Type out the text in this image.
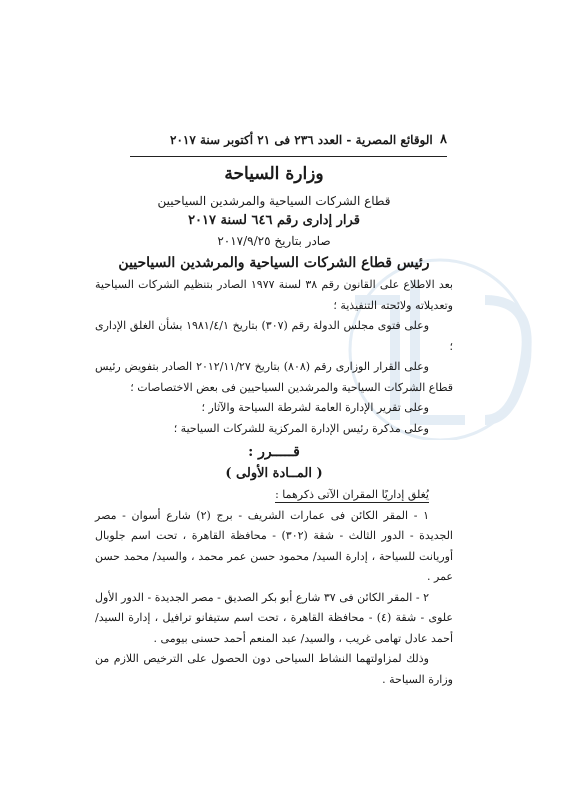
٨
الوقائع المصرية - العدد ٢٣٦ فى ٢١ أكتوبر سنة ٢٠١٧
وزارة السياحة
قطاع الشركات السياحية والمرشدين السياحيين
قرار إدارى رقم ٦٤٦ لسنة ٢٠١٧
صادر بتاريخ ٢٠١٧/٩/٢٥
رئيس قطاع الشركات السياحية والمرشدين السياحيين

بعد الاطلاع على القانون رقم ٣٨ لسنة ١٩٧٧ الصادر بتنظيم الشركات السياحية وتعديلاته ولائحته التنفيذية ؛

وعلى فتوى مجلس الدولة رقم (٣٠٧) بتاريخ ١٩٨١/٤/١ بشأن الغلق الإدارى ؛

وعلى القرار الوزارى رقم (٨٠٨) بتاريخ ٢٠١٢/١١/٢٧ الصادر بتفويض رئيس قطاع الشركات السياحية والمرشدين السياحيين فى بعض الاختصاصات ؛

وعلى تقرير الإدارة العامة لشرطة السياحة والآثار ؛

وعلى مذكرة رئيس الإدارة المركزية للشركات السياحية ؛

قـــــرر :
( المــادة الأولى )

يُغلق إداريًا المقران الآتى ذكرهما :

١ - المقر الكائن فى عمارات الشريف - برج (٢) شارع أسوان - مصر الجديدة - الدور الثالث - شقة (٣٠٢) - محافظة القاهرة ، تحت اسم جلوبال أوريانت للسياحة ، إدارة السيد/ محمود حسن عمر محمد ، والسيد/ محمد حسن عمر .

٢ - المقر الكائن فى ٣٧ شارع أبو بكر الصديق - مصر الجديدة - الدور الأول علوى - شقة (٤) - محافظة القاهرة ، تحت اسم ستيفانو ترافيل ، إدارة السيد/ أحمد عادل تهامى غريب ، والسيد/ عبد المنعم أحمد حسنى بيومى .

وذلك لمزاولتهما النشاط السياحى دون الحصول على الترخيص اللازم من وزارة السياحة .
